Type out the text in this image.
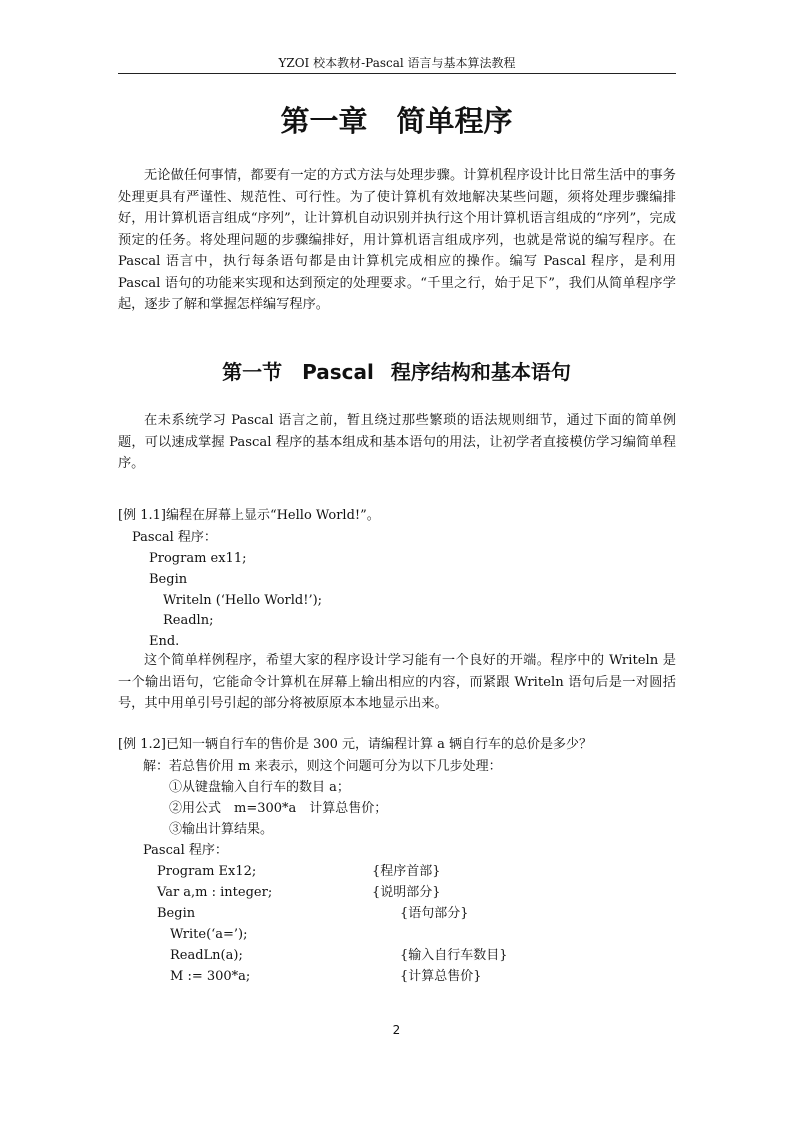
YZOI 校本教材-Pascal 语言与基本算法教程
第一章　简单程序

无论做任何事情，都要有一定的方式方法与处理步骤。计算机程序设计比日常生活中的事务处理更具有严谨性、规范性、可行性。为了使计算机有效地解决某些问题，须将处理步骤编排好，用计算机语言组成“序列”，让计算机自动识别并执行这个用计算机语言组成的“序列”，完成预定的任务。将处理问题的步骤编排好，用计算机语言组成序列，也就是常说的编写程序。在 Pascal 语言中，执行每条语句都是由计算机完成相应的操作。编写 Pascal 程序，是利用 Pascal 语句的功能来实现和达到预定的处理要求。“千里之行，始于足下”，我们从简单程序学起，逐步了解和掌握怎样编写程序。

第一节　Pascal 程序结构和基本语句

在未系统学习 Pascal 语言之前，暂且绕过那些繁琐的语法规则细节，通过下面的简单例题，可以速成掌握 Pascal 程序的基本组成和基本语句的用法，让初学者直接模仿学习编简单程序。

[例 1.1]编程在屏幕上显示“Hello World!”。
Pascal 程序：
Program ex11;
Begin
Writeln (‘Hello World!’);
Readln;
End.

这个简单样例程序，希望大家的程序设计学习能有一个良好的开端。程序中的 Writeln 是一个输出语句，它能命令计算机在屏幕上输出相应的内容，而紧跟 Writeln 语句后是一对圆括号，其中用单引号引起的部分将被原原本本地显示出来。

[例 1.2]已知一辆自行车的售价是 300 元，请编程计算 a 辆自行车的总价是多少？
解：若总售价用 m 来表示，则这个问题可分为以下几步处理：
①从键盘输入自行车的数目 a；
②用公式　m=300*a　计算总售价；
③输出计算结果。
Pascal 程序：
Program Ex12;	{程序首部}
Var a,m : integer;	{说明部分}
Begin	{语句部分}
Write(‘a=’);
ReadLn(a);	{输入自行车数目}
M := 300*a;	{计算总售价}
2
